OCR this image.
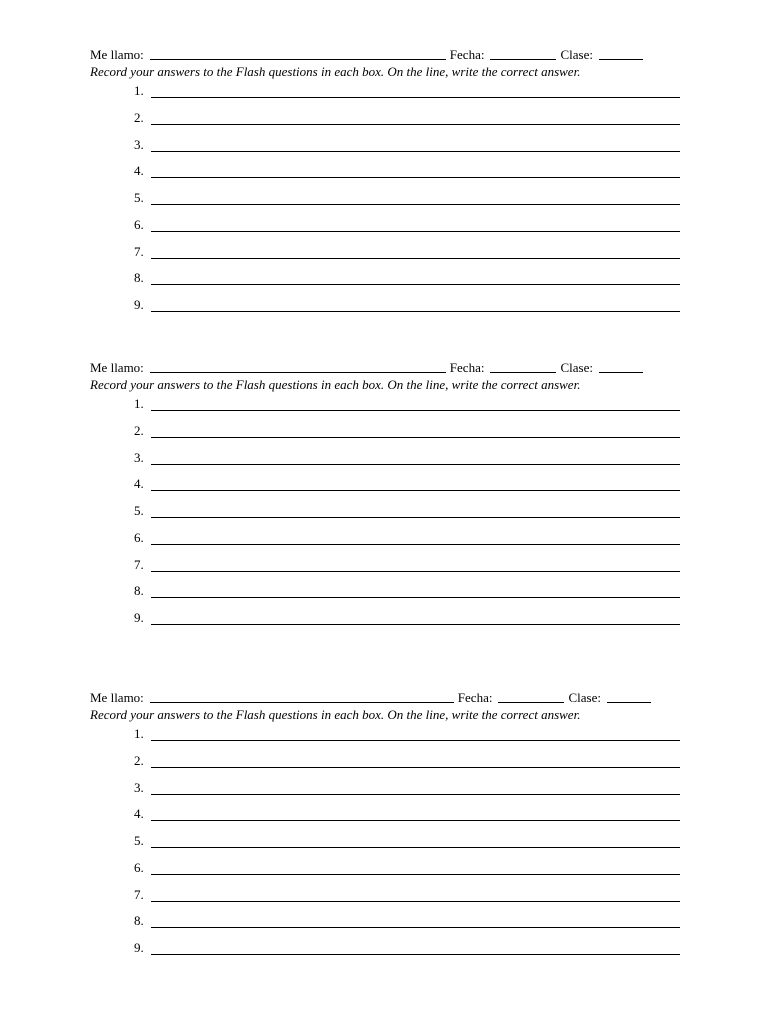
Me llamo:	Fecha:	Clase:
Record your answers to the Flash questions in each box. On the line, write the correct answer.
1.
2.
3.
4.
5.
6.
7.
8.
9.
Me llamo:	Fecha:	Clase:
Record your answers to the Flash questions in each box. On the line, write the correct answer.
1.
2.
3.
4.
5.
6.
7.
8.
9.
Me llamo:	Fecha:	Clase:
Record your answers to the Flash questions in each box. On the line, write the correct answer.
1.
2.
3.
4.
5.
6.
7.
8.
9.
